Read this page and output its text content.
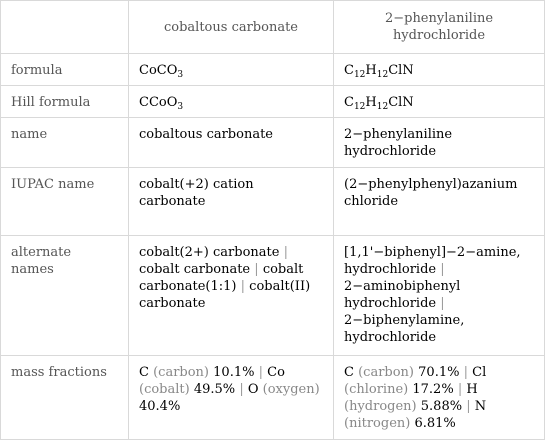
	cobaltous carbonate	2−phenylaniline hydrochloride

formula	CoCO$_3$	$C_{12}H_{12}ClN$

Hill formula	CCoO$_3$	$C_{12}H_{12}ClN$

name	cobaltous carbonate	2−phenylaniline hydrochloride

IUPAC name	cobalt(+2) cation carbonate	(2−phenylphenyl)azanium chloride

alternate names	cobalt(2+) carbonate | cobalt carbonate | cobalt carbonate(1:1) | cobalt(II) carbonate	[1,1'−biphenyl]−2−amine, hydrochloride | 2−aminobiphenyl hydrochloride | 2−biphenylamine, hydrochloride

mass fractions	C (carbon) 10.1% | Co (cobalt) 49.5% | O (oxygen) 40.4%	C (carbon) 70.1% | Cl (chlorine) 17.2% | H (hydrogen) 5.88% | N (nitrogen) 6.81%
